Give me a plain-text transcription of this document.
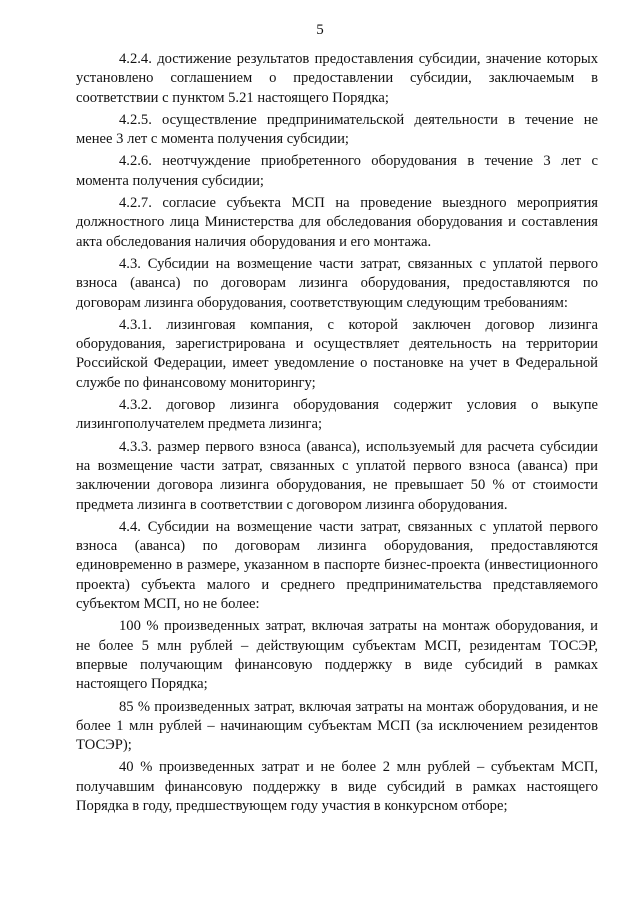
5

4.2.4. достижение результатов предоставления субсидии, значение которых установлено соглашением о предоставлении субсидии, заключаемым в соответствии с пунктом 5.21 настоящего Порядка;

4.2.5. осуществление предпринимательской деятельности в течение не менее 3 лет с момента получения субсидии;

4.2.6. неотчуждение приобретенного оборудования в течение 3 лет с момента получения субсидии;

4.2.7. согласие субъекта МСП на проведение выездного мероприятия должностного лица Министерства для обследования оборудования и составления акта обследования наличия оборудования и его монтажа.

4.3. Субсидии на возмещение части затрат, связанных с уплатой первого взноса (аванса) по договорам лизинга оборудования, предоставляются по договорам лизинга оборудования, соответствующим следующим требованиям:

4.3.1. лизинговая компания, с которой заключен договор лизинга оборудования, зарегистрирована и осуществляет деятельность на территории Российской Федерации, имеет уведомление о постановке на учет в Федеральной службе по финансовому мониторингу;

4.3.2. договор лизинга оборудования содержит условия о выкупе лизингополучателем предмета лизинга;

4.3.3. размер первого взноса (аванса), используемый для расчета субсидии на возмещение части затрат, связанных с уплатой первого взноса (аванса) при заключении договора лизинга оборудования, не превышает 50 % от стоимости предмета лизинга в соответствии с договором лизинга оборудования.

4.4. Субсидии на возмещение части затрат, связанных с уплатой первого взноса (аванса) по договорам лизинга оборудования, предоставляются единовременно в размере, указанном в паспорте бизнес-проекта (инвестиционного проекта) субъекта малого и среднего предпринимательства представляемого субъектом МСП, но не более:

100 % произведенных затрат, включая затраты на монтаж оборудования, и не более 5 млн рублей – действующим субъектам МСП, резидентам ТОСЭР, впервые получающим финансовую поддержку в виде субсидий в рамках настоящего Порядка;

85 % произведенных затрат, включая затраты на монтаж оборудования, и не более 1 млн рублей – начинающим субъектам МСП (за исключением резидентов ТОСЭР);

40 % произведенных затрат и не более 2 млн рублей – субъектам МСП, получавшим финансовую поддержку в виде субсидий в рамках настоящего Порядка в году, предшествующем году участия в конкурсном отборе;
